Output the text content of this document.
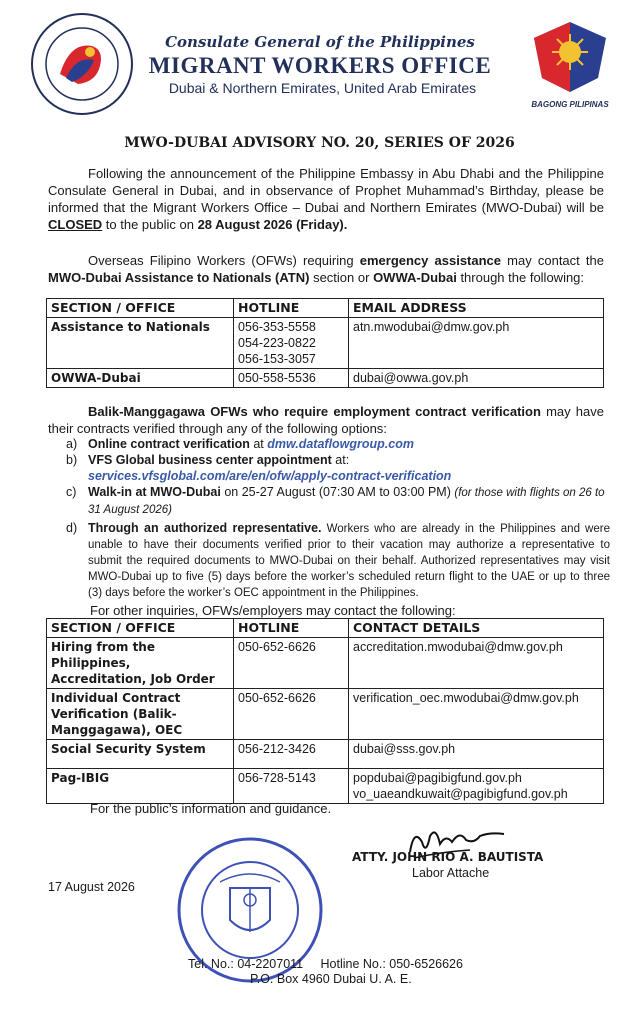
Consulate General of the Philippines
MIGRANT WORKERS OFFICE
Dubai & Northern Emirates, United Arab Emirates
BAGONG PILIPINAS
MWO-DUBAI ADVISORY NO. 20, SERIES OF 2026
Following the announcement of the Philippine Embassy in Abu Dhabi and the Philippine Consulate General in Dubai, and in observance of Prophet Muhammad’s Birthday, please be informed that the Migrant Workers Office – Dubai and Northern Emirates (MWO-Dubai) will be CLOSED to the public on 28 August 2026 (Friday).
Overseas Filipino Workers (OFWs) requiring emergency assistance may contact the MWO-Dubai Assistance to Nationals (ATN) section or OWWA-Dubai through the following:
SECTION / OFFICE	HOTLINE	EMAIL ADDRESS
Assistance to Nationals	056-353-5558
054-223-0822
056-153-3057	atn.mwodubai@dmw.gov.ph
OWWA-Dubai	050-558-5536	dubai@owwa.gov.ph
Balik-Manggagawa OFWs who require employment contract verification may have their contracts verified through any of the following options:
a) Online contract verification at dmw.dataflowgroup.com
b) VFS Global business center appointment at:
services.vfsglobal.com/are/en/ofw/apply-contract-verification
c) Walk-in at MWO-Dubai on 25-27 August (07:30 AM to 03:00 PM) (for those with flights on 26 to 31 August 2026)
d) Through an authorized representative. Workers who are already in the Philippines and were unable to have their documents verified prior to their vacation may authorize a representative to submit the required documents to MWO-Dubai on their behalf. Authorized representatives may visit MWO-Dubai up to five (5) days before the worker’s scheduled return flight to the UAE or up to three (3) days before the worker’s OEC appointment in the Philippines.
For other inquiries, OFWs/employers may contact the following:
SECTION / OFFICE	HOTLINE	CONTACT DETAILS
Hiring from the Philippines, Accreditation, Job Order	050-652-6626	accreditation.mwodubai@dmw.gov.ph
Individual Contract Verification (Balik-Manggagawa), OEC	050-652-6626	verification_oec.mwodubai@dmw.gov.ph
Social Security System	056-212-3426	dubai@sss.gov.ph
Pag-IBIG	056-728-5143	popdubai@pagibigfund.gov.ph
vo_uaeandkuwait@pagibigfund.gov.ph
For the public’s information and guidance.
ATTY. JOHN RIO A. BAUTISTA
Labor Attache
17 August 2026
Tel. No.: 04-2207011     Hotline No.: 050-6526626
P.O. Box 4960 Dubai U. A. E.
